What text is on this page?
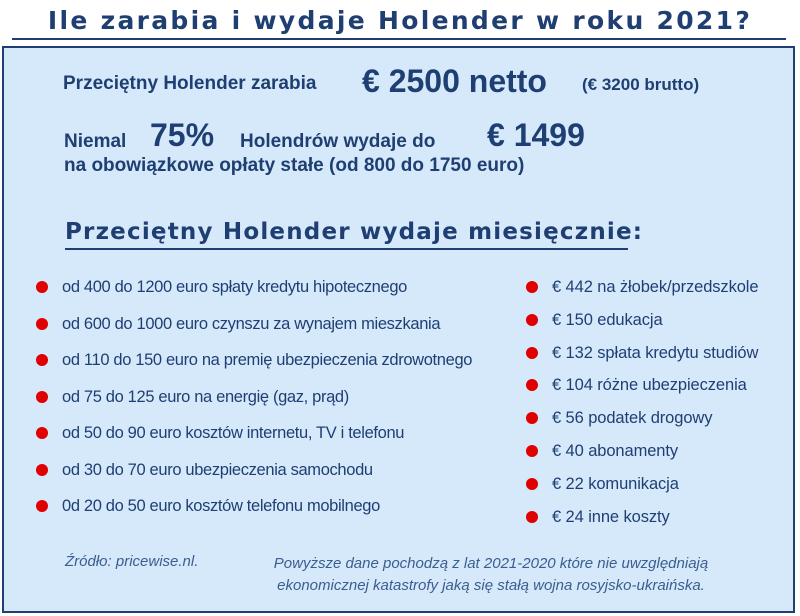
Ile zarabia i wydaje Holender w roku 2021?
Przeciętny Holender zarabia € 2500 netto (€ 3200 brutto)
Niemal 75% Holendrów wydaje do € 1499
na obowiązkowe opłaty stałe (od 800 do 1750 euro)
Przeciętny Holender wydaje miesięcznie:
od 400 do 1200 euro spłaty kredytu hipotecznego
od 600 do 1000 euro czynszu za wynajem mieszkania
od 110 do 150 euro na premię ubezpieczenia zdrowotnego
od 75 do 125 euro na energię (gaz, prąd)
od 50 do 90 euro kosztów internetu, TV i telefonu
od 30 do 70 euro ubezpieczenia samochodu
0d 20 do 50 euro kosztów telefonu mobilnego
€ 442 na żłobek/przedszkole
€ 150 edukacja
€ 132 spłata kredytu studiów
€ 104 różne ubezpieczenia
€ 56 podatek drogowy
€ 40 abonamenty
€ 22 komunikacja
€ 24 inne koszty
Źródło: pricewise.nl.	Powyższe dane pochodzą z lat 2021-2020 które nie uwzględniają ekonomicznej katastrofy jaką się stałą wojna rosyjsko-ukraińska.
